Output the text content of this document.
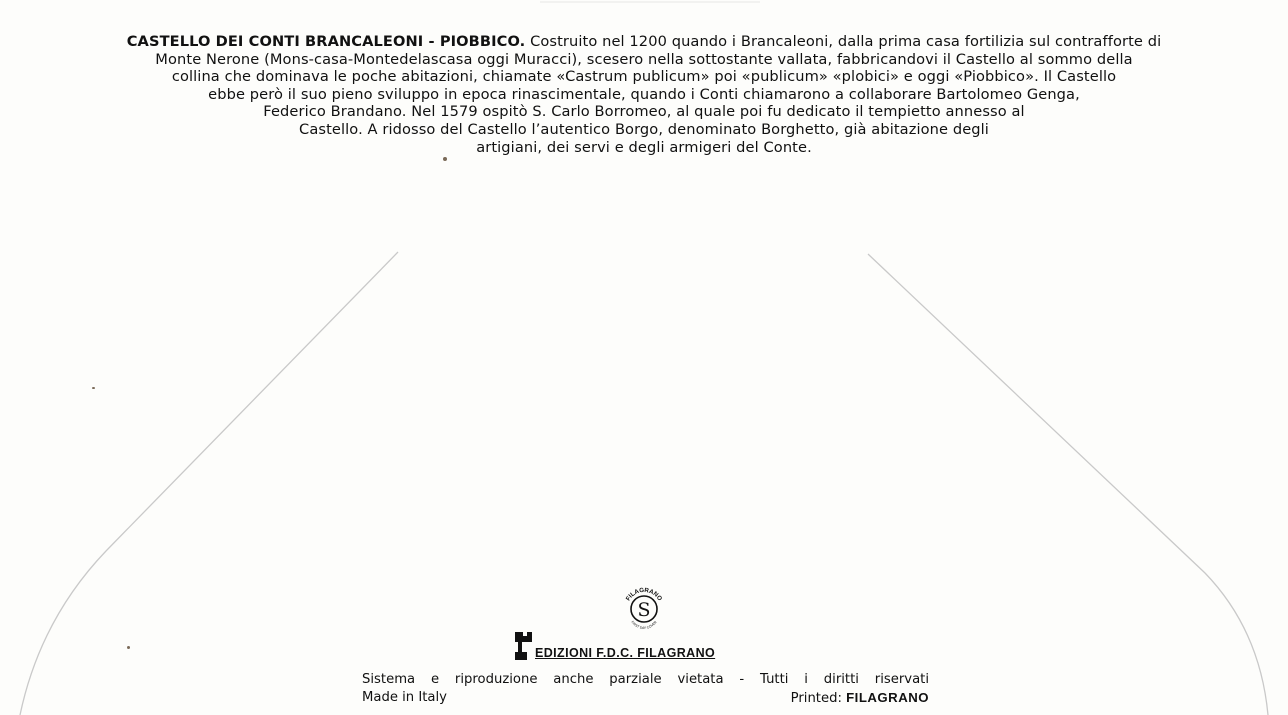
CASTELLO DEI CONTI BRANCALEONI - PIOBBICO. Costruito nel 1200 quando i Brancaleoni, dalla prima casa fortilizia sul contrafforte di
Monte Nerone (Mons-casa-Montedelascasa oggi Muracci), scesero nella sottostante vallata, fabbricandovi il Castello al sommo della
collina che dominava le poche abitazioni, chiamate «Castrum publicum» poi «publicum» «plobici» e oggi «Piobbico». Il Castello
ebbe però il suo pieno sviluppo in epoca rinascimentale, quando i Conti chiamarono a collaborare Bartolomeo Genga,
Federico Brandano. Nel 1579 ospitò S. Carlo Borromeo, al quale poi fu dedicato il tempietto annesso al
Castello. A ridosso del Castello l’autentico Borgo, denominato Borghetto, già abitazione degli
artigiani, dei servi e degli armigeri del Conte.
S
FILAGRANO
FIRST DAY COVER
EDIZIONI F.D.C. FILAGRANO
Sistema e riproduzione anche parziale vietata - Tutti i diritti riservati
Made in Italy	Printed: FILAGRANO
